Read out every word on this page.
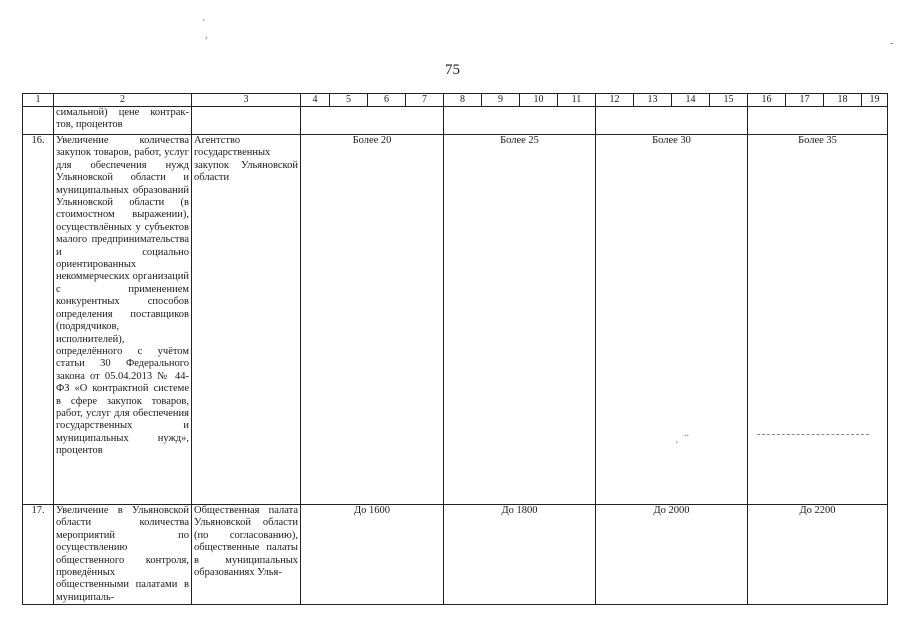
'
,
-
75
1	2	3	4	5	6	7	8	9	10	11	12	13	14	15	16	17	18	19
	симальной) цене контрак-тов, процентов																	
16.	Увеличение количества закупок товаров, работ, услуг для обеспечения нужд Ульяновской области и муниципальных образований Ульяновской области (в стоимостном выражении), осуществлённых у субъектов малого предпринимательства и социально ориентированных некоммерческих организаций с применением конкурентных способов определения поставщиков (подрядчиков, исполнителей), определённого с учётом статьи 30 Федерального закона от 05.04.2013 № 44-ФЗ «О контрактной системе в сфере закупок товаров, работ, услуг для обеспечения государственных и муниципальных нужд», процентов	Агентство государственных закупок Ульяновской области	Более 20				Более 25				Более 30				Более 35			
17.	Увеличение в Ульяновской области количества мероприятий по осуществлению общественного контроля, проведённых общественными палатами в муниципаль-	Общественная палата Ульяновской области (по согласованию), общественные палаты в муниципальных образованиях Улья-	До 1600				До 1800				До 2000				До 2200			
..
'
